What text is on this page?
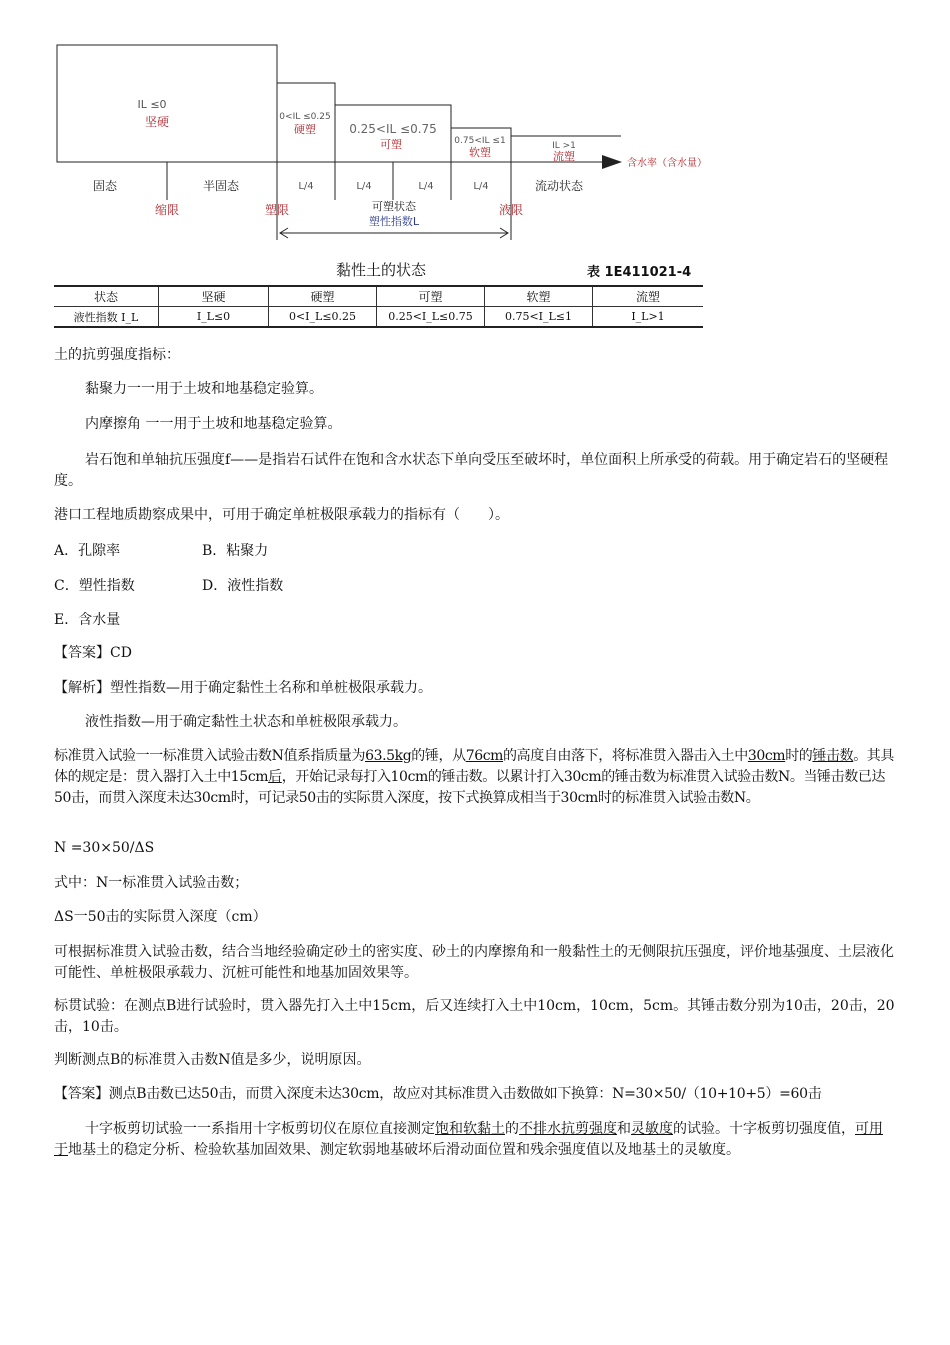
IL ≤0
坚硬	0<IL ≤0.25
硬塑	0.25<IL ≤0.75
可塑	0.75<IL ≤1
软塑	IL >1
流塑
含水率（含水量）
固态	半固态	L/4	L/4	L/4	L/4	流动状态
缩限	塑限	可塑状态
塑性指数L
液限
黏性土的状态	表 1E411021-4
状态	坚硬	硬塑	可塑	软塑	流塑
液性指数 I_L	I_L≤0	0<I_L≤0.25	0.25<I_L≤0.75	0.75<I_L≤1	I_L>1

土的抗剪强度指标：

黏聚力一一用于土坡和地基稳定验算。

内摩擦角 一一用于土坡和地基稳定验算。

岩石饱和单轴抗压强度f——是指岩石试件在饱和含水状态下单向受压至破坏时，单位面积上所承受的荷载。用于确定岩石的坚硬程度。

港口工程地质勘察成果中，可用于确定单桩极限承载力的指标有（　　）。

A．孔隙率	B．粘聚力
C．塑性指数	D．液性指数
E．含水量

【答案】CD

【解析】塑性指数—用于确定黏性土名称和单桩极限承载力。

液性指数—用于确定黏性土状态和单桩极限承载力。

标准贯入试验一一标准贯入试验击数N值系指质量为63.5kg的锤，从76cm的高度自由落下，将标准贯入器击入土中30cm时的锤击数。其具体的规定是：贯入器打入土中15cm后，开始记录每打入10cm的锤击数。以累计打入30cm的锤击数为标准贯入试验击数N。当锤击数已达50击，而贯入深度未达30cm时，可记录50击的实际贯入深度，按下式换算成相当于30cm时的标准贯入试验击数N。

N =30×50/ΔS

式中：N一标准贯入试验击数；

ΔS一50击的实际贯入深度（cm）

可根据标准贯入试验击数，结合当地经验确定砂土的密实度、砂土的内摩擦角和一般黏性土的无侧限抗压强度，评价地基强度、土层液化可能性、单桩极限承载力、沉桩可能性和地基加固效果等。

标贯试验：在测点B进行试验时，贯入器先打入土中15cm，后又连续打入土中10cm，10cm，5cm。其锤击数分别为10击，20击，20击，10击。

判断测点B的标准贯入击数N值是多少，说明原因。

【答案】测点B击数已达50击，而贯入深度未达30cm，故应对其标准贯入击数做如下换算：N=30×50/（10+10+5）=60击

十字板剪切试验一一系指用十字板剪切仪在原位直接测定饱和软黏土的不排水抗剪强度和灵敏度的试验。十字板剪切强度值，可用于地基土的稳定分析、检验软基加固效果、测定软弱地基破坏后滑动面位置和残余强度值以及地基土的灵敏度。
